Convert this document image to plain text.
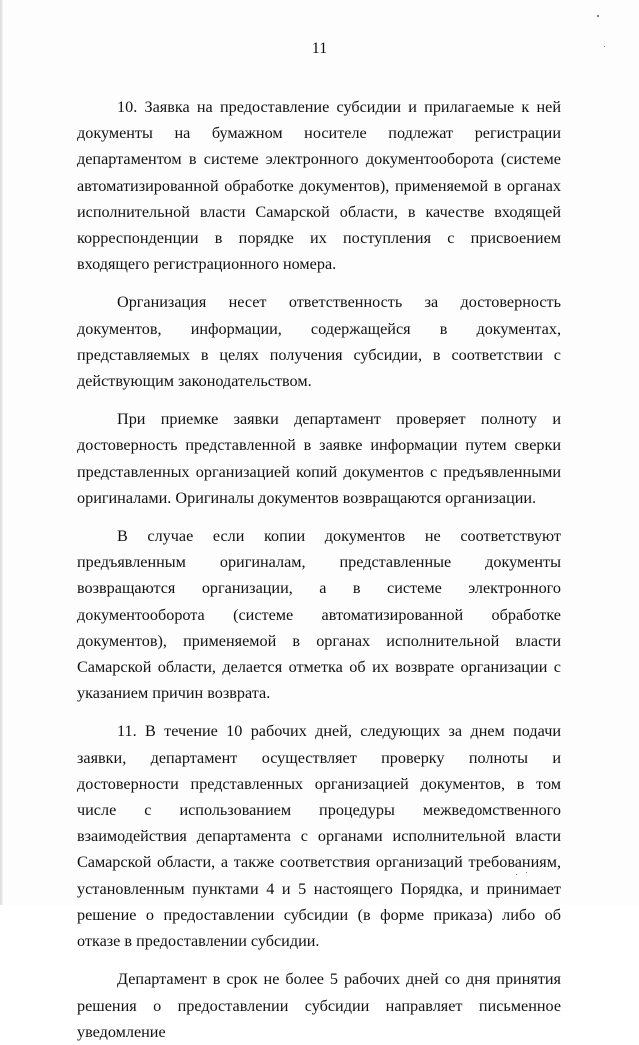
11

10. Заявка на предоставление субсидии и прилагаемые к ней документы на бумажном носителе подлежат регистрации департаментом в системе электронного документооборота (системе автоматизированной обработке документов), применяемой в органах исполнительной власти Самарской области, в качестве входящей корреспонденции в порядке их поступления с присвоением входящего регистрационного номера.

Организация несет ответственность за достоверность документов, информации, содержащейся в документах, представляемых в целях получения субсидии, в соответствии с действующим законодательством.

При приемке заявки департамент проверяет полноту и достоверность представленной в заявке информации путем сверки представленных организацией копий документов с предъявленными оригиналами. Оригиналы документов возвращаются организации.

В случае если копии документов не соответствуют предъявленным оригиналам, представленные документы возвращаются организации, а в системе электронного документооборота (системе автоматизированной обработке документов), применяемой в органах исполнительной власти Самарской области, делается отметка об их возврате организации с указанием причин возврата.

11. В течение 10 рабочих дней, следующих за днем подачи заявки, департамент осуществляет проверку полноты и достоверности представленных организацией документов, в том числе с использованием процедуры межведомственного взаимодействия департамента с органами исполнительной власти Самарской области, а также соответствия организаций требованиям, установленным пунктами 4 и 5 настоящего Порядка, и принимает решение о предоставлении субсидии (в форме приказа) либо об отказе в предоставлении субсидии.

Департамент в срок не более 5 рабочих дней со дня принятия решения о предоставлении субсидии направляет письменное уведомление
